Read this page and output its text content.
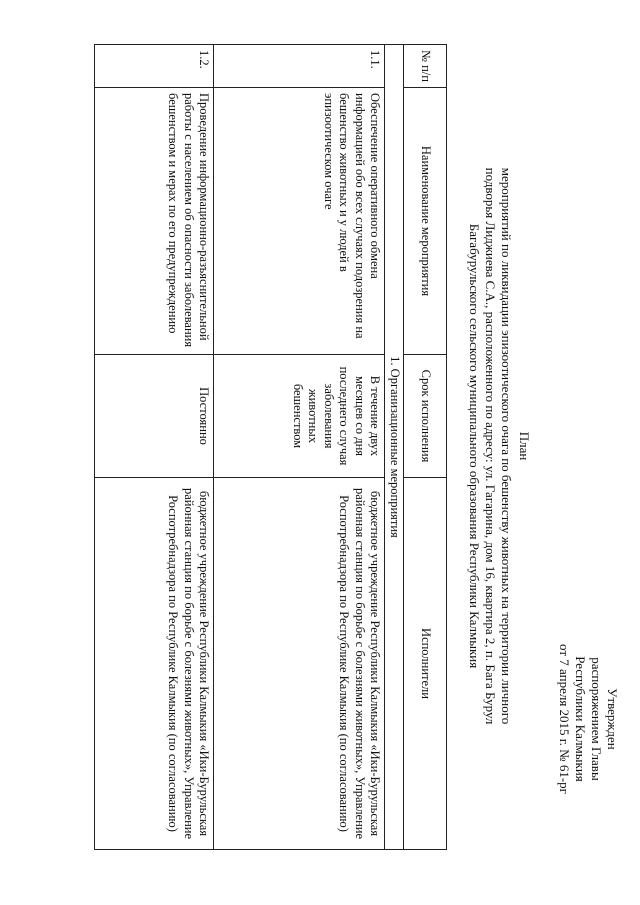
Утвержден
распоряжением Главы
Республики Калмыкия
от 7 апреля 2015 г. № 61-рг
План
мероприятий по ликвидации эпизоотического очага по бешенству животных на территории личного
подворья Лиджиева С.А., расположенного по адресу: ул. Гагарина, дом 16, квартира 2, п. Бага Бурул
Багабурульского сельского муниципального образования Республики Калмыкия
№ п/п	Наименование мероприятия	Срок исполнения	Исполнители
1. Организационные мероприятия			
1.1.	Обеспечение оперативного обмена информацией обо всех случаях подозрения на бешенство животных и у людей в эпизоотическом очаге	В течение двух месяцев со дня последнего случая заболевания животных бешенством	бюджетное учреждение Республики Калмыкия «Ики-Бурульская районная станция по борьбе с болезнями животных», Управление Роспотребнадзора по Республике Калмыкия (по согласованию)
1.2.	Проведение информационно-разъяснительной работы с населением об опасности заболевания бешенством и мерах по его предупреждению	Постоянно	бюджетное учреждение Республики Калмыкия «Ики-Бурульская районная станция по борьбе с болезнями животных», Управление Роспотребнадзора по Республике Калмыкия (по согласованию)
